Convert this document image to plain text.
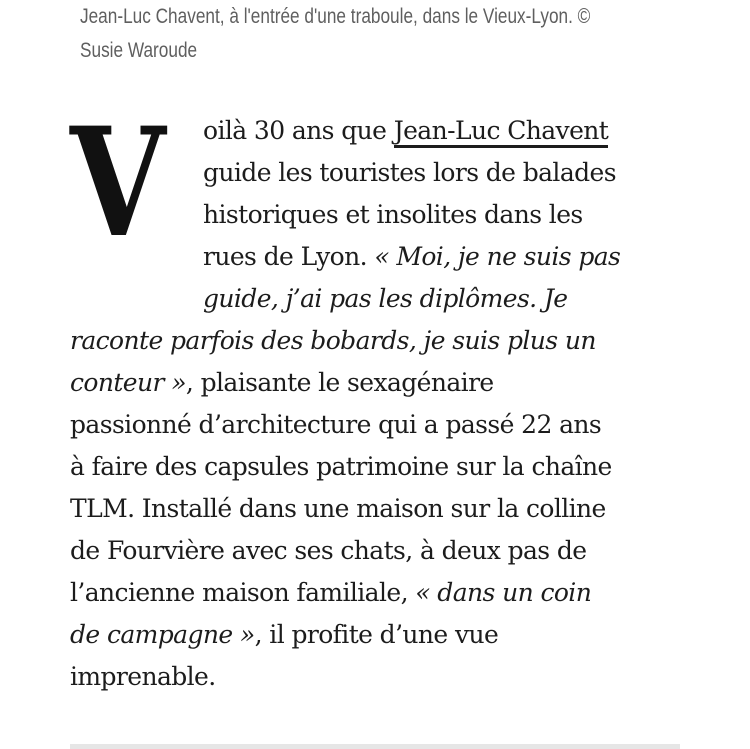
Jean-Luc Chavent, à l'entrée d'une traboule, dans le Vieux-Lyon. ©
Susie Waroude
V	oilà 30 ans que Jean-Luc Chavent
guide les touristes lors de balades
historiques et insolites dans les
rues de Lyon. « Moi, je ne suis pas
guide, j’ai pas les diplômes. Je
raconte parfois des bobards, je suis plus un
conteur », plaisante le sexagénaire
passionné d’architecture qui a passé 22 ans
à faire des capsules patrimoine sur la chaîne
TLM. Installé dans une maison sur la colline
de Fourvière avec ses chats, à deux pas de
l’ancienne maison familiale, « dans un coin
de campagne », il profite d’une vue
imprenable.
